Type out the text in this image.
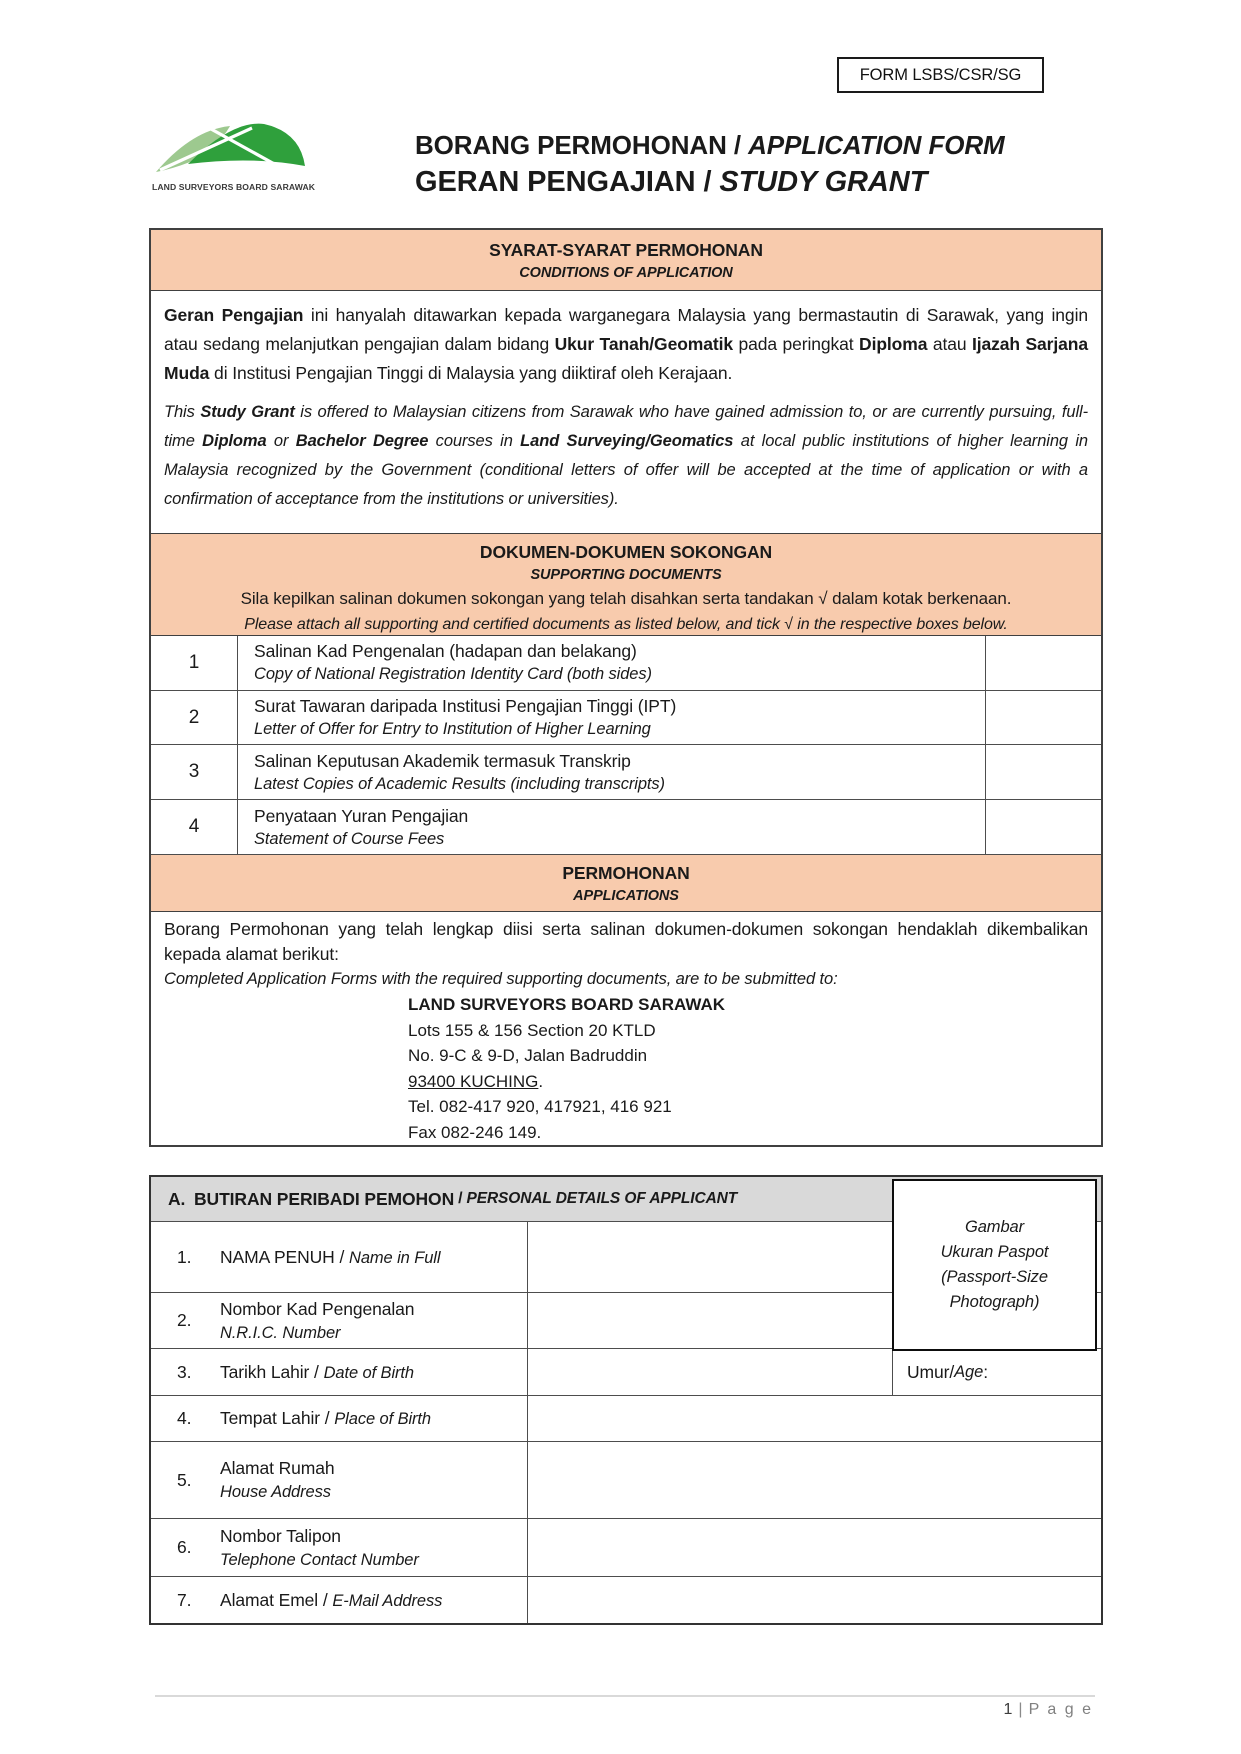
FORM LSBS/CSR/SG
LAND SURVEYORS BOARD SARAWAK
BORANG PERMOHONAN / APPLICATION FORM
GERAN PENGAJIAN / STUDY GRANT
SYARAT-SYARAT PERMOHONAN
CONDITIONS OF APPLICATION
Geran Pengajian ini hanyalah ditawarkan kepada warganegara Malaysia yang bermastautin di Sarawak, yang ingin atau sedang melanjutkan pengajian dalam bidang Ukur Tanah/Geomatik pada peringkat Diploma atau Ijazah Sarjana Muda di Institusi Pengajian Tinggi di Malaysia yang diiktiraf oleh Kerajaan.
This Study Grant is offered to Malaysian citizens from Sarawak who have gained admission to, or are currently pursuing, full-time Diploma or Bachelor Degree courses in Land Surveying/Geomatics at local public institutions of higher learning in Malaysia recognized by the Government (conditional letters of offer will be accepted at the time of application or with a confirmation of acceptance from the institutions or universities).
DOKUMEN-DOKUMEN SOKONGAN
SUPPORTING DOCUMENTS
Sila kepilkan salinan dokumen sokongan yang telah disahkan serta tandakan √ dalam kotak berkenaan.
Please attach all supporting and certified documents as listed below, and tick √ in the respective boxes below.
1
Salinan Kad Pengenalan (hadapan dan belakang)
Copy of National Registration Identity Card (both sides)
2
Surat Tawaran daripada Institusi Pengajian Tinggi (IPT)
Letter of Offer for Entry to Institution of Higher Learning
3
Salinan Keputusan Akademik termasuk Transkrip
Latest Copies of Academic Results (including transcripts)
4
Penyataan Yuran Pengajian
Statement of Course Fees
PERMOHONAN
APPLICATIONS
Borang Permohonan yang telah lengkap diisi serta salinan dokumen-dokumen sokongan hendaklah dikembalikan kepada alamat berikut:
Completed Application Forms with the required supporting documents, are to be submitted to:
LAND SURVEYORS BOARD SARAWAK
Lots 155 & 156 Section 20 KTLD
No. 9-C & 9-D, Jalan Badruddin
93400 KUCHING.
Tel. 082-417 920, 417921, 416 921
Fax 082-246 149.
A. BUTIRAN PERIBADI PEMOHON / PERSONAL DETAILS OF APPLICANT
1.	NAMA PENUH / Name in Full
2.
Nombor Kad Pengenalan
N.R.I.C. Number
3.	Tarikh Lahir / Date of Birth	Umur / Age :
4.	Tempat Lahir / Place of Birth
5.
Alamat Rumah
House Address
6.
Nombor Talipon
Telephone Contact Number
7.	Alamat Emel / E-Mail Address
Gambar
Ukuran Paspot
(Passport-Size
Photograph)
1 | P a g e
